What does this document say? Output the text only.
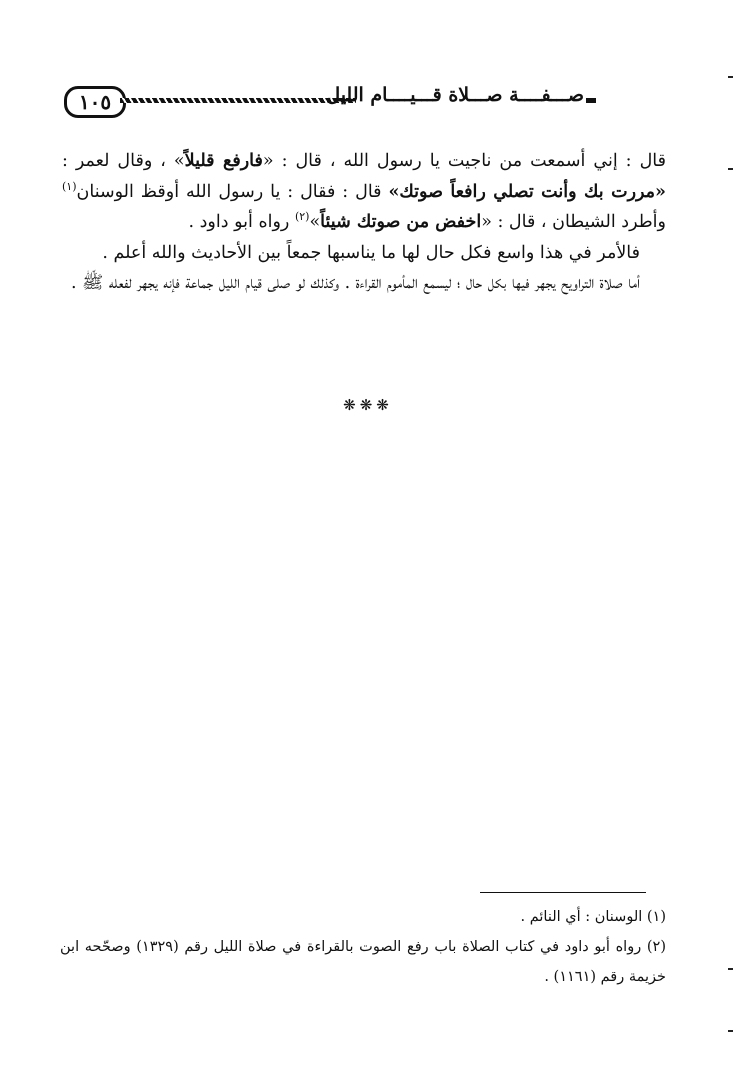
١٠٥	صـــفــــة صـــلاة قـــيــــام الليل

قال : إني أسمعت من ناجيت يا رسول الله ، قال : «فارفع قليلاً» ، وقال لعمر : «مررت بك وأنت تصلي رافعاً صوتك» قال : فقال : يا رسول الله أوقظ الوسنان$^{(١)}$ وأطرد الشيطان ، قال : «اخفض من صوتك شيئاً»$^{(٢)}$ رواه أبو داود .

فالأمر في هذا واسع فكل حال لها ما يناسبها جمعاً بين الأحاديث والله أعلم .

أما صلاة التراويح يجهر فيها بكل حال ؛ ليسمع المأموم القراءة . وكذلك لو صلى قيام الليل جماعة فإنه يجهر لفعله ﷺ .

❋❋❋

(١) الوسنان : أي النائم .

(٢) رواه أبو داود في كتاب الصلاة باب رفع الصوت بالقراءة في صلاة الليل رقم (١٣٢٩) وصحّحه ابن خزيمة رقم (١١٦١) .
